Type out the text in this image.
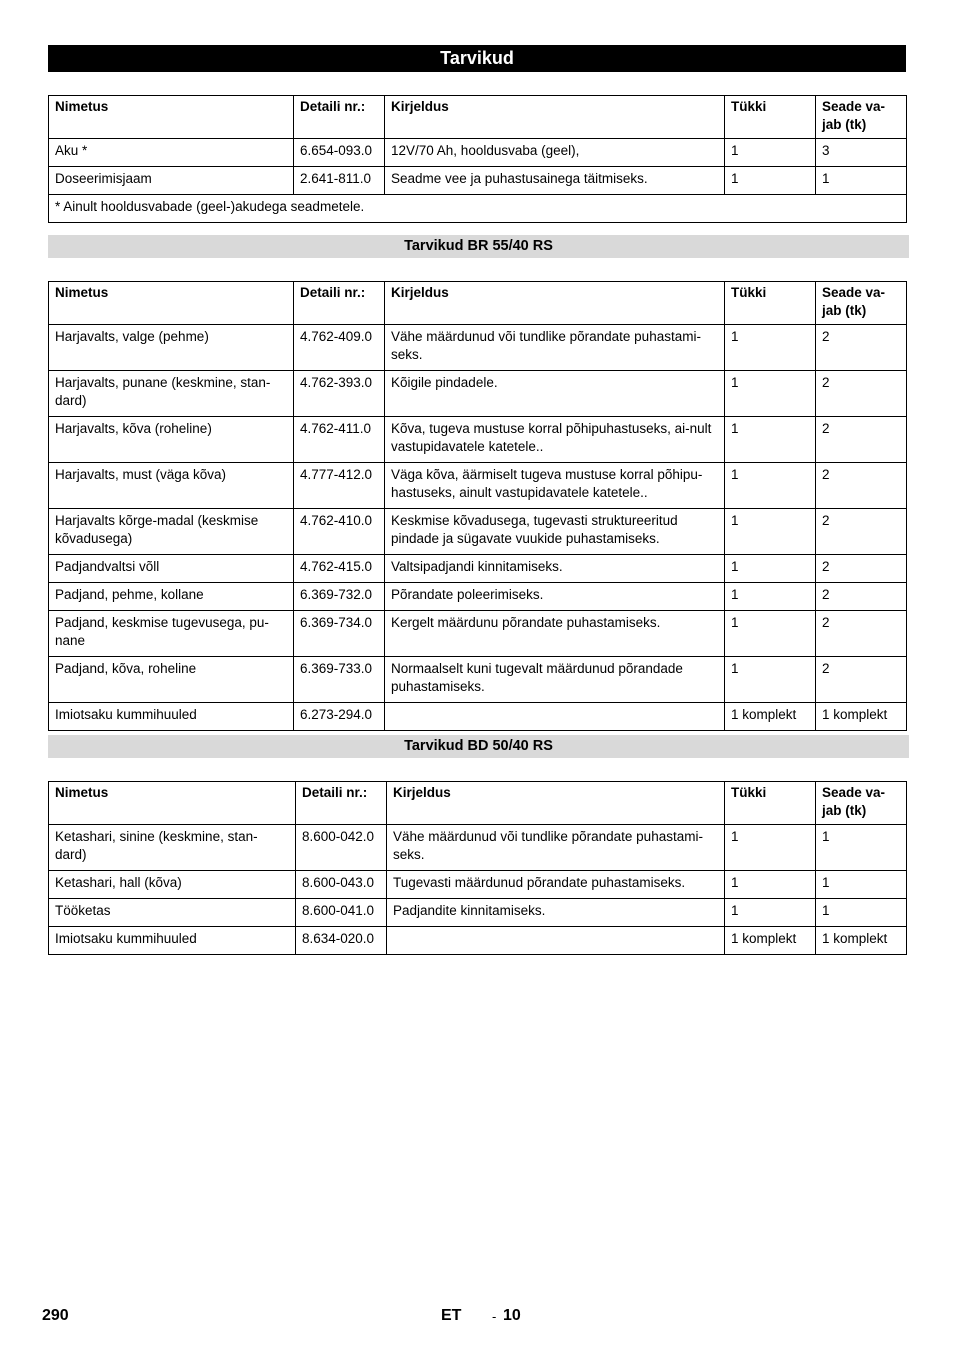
Tarvikud
Nimetus	Detaili nr.:	Kirjeldus	Tükki	Seade va-jab (tk)
Aku *	6.654-093.0	12V/70 Ah, hooldusvaba (geel),	1	3
Doseerimisjaam	2.641-811.0	Seadme vee ja puhastusainega täitmiseks.	1	1
* Ainult hooldusvabade (geel-)akudega seadmetele.				
Tarvikud BR 55/40 RS
Nimetus	Detaili nr.:	Kirjeldus	Tükki	Seade va-jab (tk)
Harjavalts, valge (pehme)	4.762-409.0	Vähe määrdunud või tundlike põrandate puhastami-seks.	1	2
Harjavalts, punane (keskmine, stan-dard)	4.762-393.0	Kõigile pindadele.	1	2
Harjavalts, kõva (roheline)	4.762-411.0	Kõva, tugeva mustuse korral põhipuhastuseks, ai-nult vastupidavatele katetele..	1	2
Harjavalts, must (väga kõva)	4.777-412.0	Väga kõva, äärmiselt tugeva mustuse korral põhipu-hastuseks, ainult vastupidavatele katetele..	1	2
Harjavalts kõrge-madal (keskmise kõvadusega)	4.762-410.0	Keskmise kõvadusega, tugevasti struktureeritud pindade ja sügavate vuukide puhastamiseks.	1	2
Padjandvaltsi võll	4.762-415.0	Valtsipadjandi kinnitamiseks.	1	2
Padjand, pehme, kollane	6.369-732.0	Põrandate poleerimiseks.	1	2
Padjand, keskmise tugevusega, pu-nane	6.369-734.0	Kergelt määrdunu põrandate puhastamiseks.	1	2
Padjand, kõva, roheline	6.369-733.0	Normaalselt kuni tugevalt määrdunud põrandade puhastamiseks.	1	2
Imiotsaku kummihuuled	6.273-294.0		1 komplekt	1 komplekt
Tarvikud BD 50/40 RS
Nimetus	Detaili nr.:	Kirjeldus	Tükki	Seade va-jab (tk)
Ketashari, sinine (keskmine, stan-dard)	8.600-042.0	Vähe määrdunud või tundlike põrandate puhastami-seks.	1	1
Ketashari, hall (kõva)	8.600-043.0	Tugevasti määrdunud põrandate puhastamiseks.	1	1
Tööketas	8.600-041.0	Padjandite kinnitamiseks.	1	1
Imiotsaku kummihuuled	8.634-020.0		1 komplekt	1 komplekt
290	ET - 10
